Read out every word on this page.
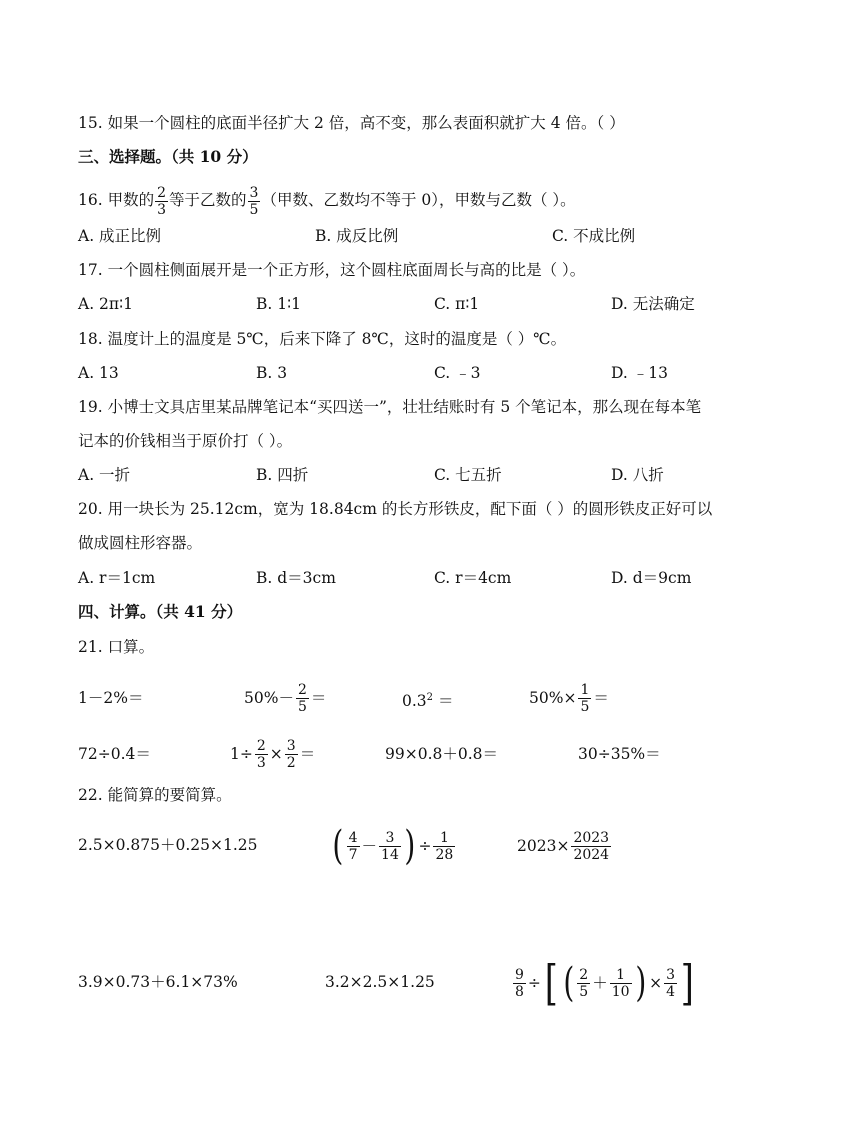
15. 如果一个圆柱的底面半径扩大 2 倍，高不变，那么表面积就扩大 4 倍。（ ）
三、选择题。（共 10 分）
16. 甲数的 $\frac{2}{3}$ 等于乙数的 $\frac{3}{5}$ （甲数、乙数均不等于 0），甲数与乙数（ ）。
A. 成正比例	B. 成反比例	C. 不成比例
17. 一个圆柱侧面展开是一个正方形，这个圆柱底面周长与高的比是（ ）。
A. 2π∶1	B. 1∶1	C. π∶1	D. 无法确定
18. 温度计上的温度是 5℃，后来下降了 8℃，这时的温度是（ ）℃。
A. 13	B. 3	C. ﹣3	D. ﹣13
19. 小博士文具店里某品牌笔记本“买四送一”，壮壮结账时有 5 个笔记本，那么现在每本笔
记本的价钱相当于原价打（ ）。
A. 一折	B. 四折	C. 七五折	D. 八折
20. 用一块长为 25.12cm，宽为 18.84cm 的长方形铁皮，配下面（ ）的圆形铁皮正好可以
做成圆柱形容器。
A. r＝1cm	B. d＝3cm	C. r＝4cm	D. d＝9cm
四、计算。（共 41 分）
21. 口算。
1－2%＝	$50\%- \frac{2}{5}$ ＝	$0.3^2$ ＝	$50\%\times \frac{1}{5}$ ＝
72÷0.4＝	$1\div \frac{2}{3} \times \frac{3}{2}$ ＝	99×0.8＋0.8＝	30÷35%＝
22. 能简算的要简算。
2.5×0.875＋0.25×1.25 ( $\frac{4}{7} - \frac{3}{14}$ ) ÷ $\frac{1}{28}$	$2023\times \frac{2023}{2024}$
3.9×0.73＋6.1×73%	3.2×2.5×1.25	$\frac{9}{8}$ ÷[ ( $\frac{2}{5} + \frac{1}{10}$ ) × $\frac{3}{4}$ ]
